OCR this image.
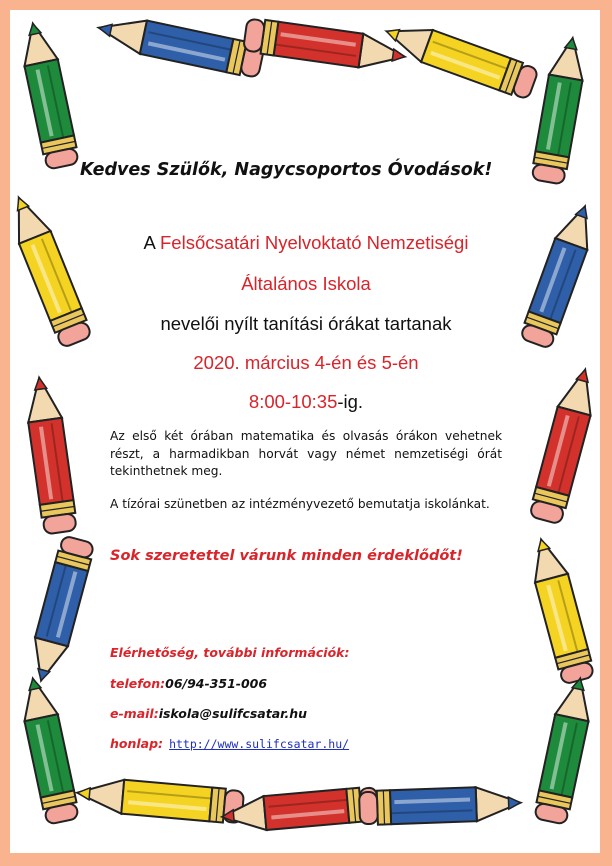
Kedves Szülők, Nagycsoportos Óvodások!
A Felsőcsatári Nyelvoktató Nemzetiségi
Általános Iskola
nevelői nyílt tanítási órákat tartanak
2020. március 4-én és 5-én
8:00-10:35-ig.
Az első két órában matematika és olvasás órákon vehetnek részt, a harmadikban horvát vagy német nemzetiségi órát tekinthetnek meg.
A tízórai szünetben az intézményvezető bemutatja iskolánkat.
Sok szeretettel várunk minden érdeklődőt!
Elérhetőség, további információk:
telefon:06/94-351-006
e-mail:iskola@sulifcsatar.hu
honlap: http://www.sulifcsatar.hu/
